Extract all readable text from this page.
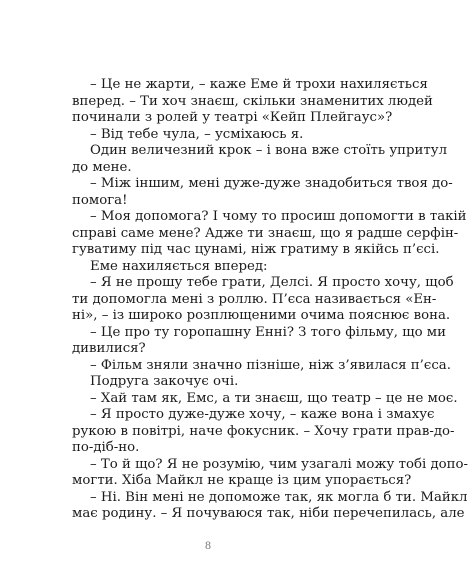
– Це не жарти, – каже Еме й трохи нахиляється
вперед. – Ти хоч знаєш, скільки знаменитих людей
починали з ролей у театрі «Кейп Плейгаус»?
– Від тебе чула, – усміхаюсь я.
Один величезний крок – і вона вже стоїть упритул
до мене.
– Між іншим, мені дуже-дуже знадобиться твоя до-
помога!
– Моя допомога? І чому то просиш допомогти в такій
справі саме мене? Адже ти знаєш, що я радше серфін-
гуватиму під час цунамі, ніж гратиму в якійсь п’єсі.
Еме нахиляється вперед:
– Я не прошу тебе грати, Делсі. Я просто хочу, щоб
ти допомогла мені з роллю. П’єса називається «Ен-
ні», – із широко розплющеними очима пояснює вона.
– Це про ту горопашну Енні? З того фільму, що ми
дивилися?
– Фільм зняли значно пізніше, ніж з’явилася п’єса.
Подруга закочує очі.
– Хай там як, Емс, а ти знаєш, що театр – це не моє.
– Я просто дуже-дуже хочу, – каже вона і змахує
рукою в повітрі, наче фокусник. – Хочу грати прав-до-
по-діб-но.
– То й що? Я не розумію, чим узагалі можу тобі допо-
могти. Хіба Майкл не краще із цим упорається?
– Ні. Він мені не допоможе так, як могла б ти. Майкл
має родину. – Я почуваюся так, ніби перечепилась, але
8
